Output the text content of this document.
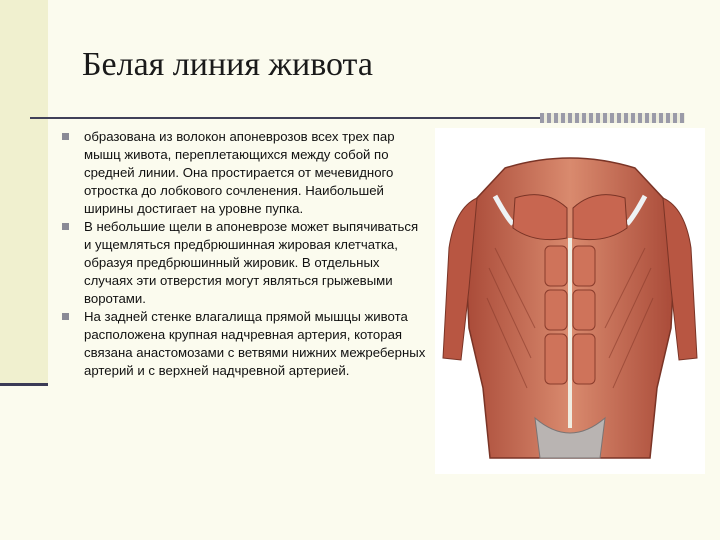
Белая линия живота
образована из волокон апоневрозов всех трех пар мышц живота, переплетающихся между собой по средней линии. Она простирается от мечевидного отростка до лобкового сочленения. Наибольшей ширины достигает на уровне пупка.
В небольшие щели в апоневрозе может выпячиваться и ущемляться предбрюшинная жировая клетчатка, образуя предбрюшинный жировик. В отдельных случаях эти отверстия могут являться грыжевыми воротами.
На задней стенке влагалища прямой мышцы живота расположена крупная надчревная артерия, которая связана анастомозами с ветвями нижних межреберных артерий и с верхней надчревной артерией.
